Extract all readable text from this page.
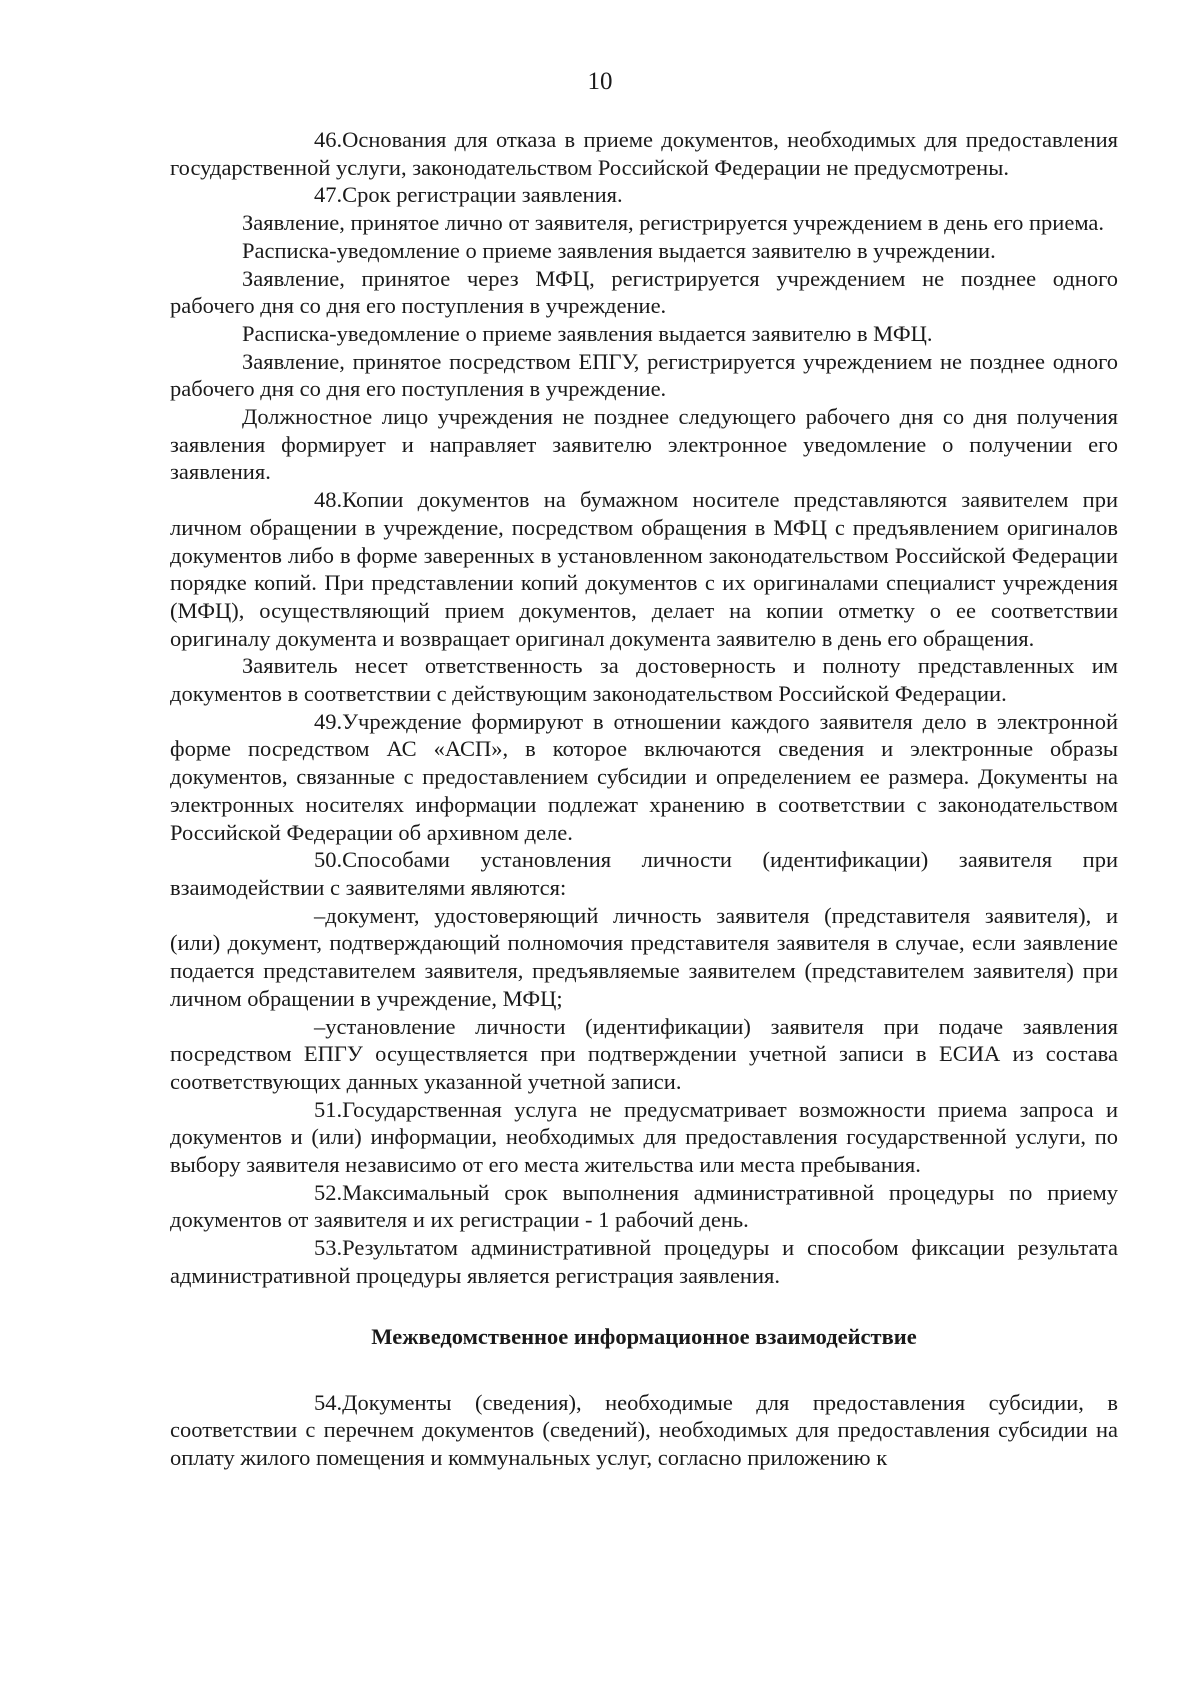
10

46.Основания для отказа в приеме документов, необходимых для предоставления государственной услуги, законодательством Российской Федерации не предусмотрены.

47.Срок регистрации заявления.

Заявление, принятое лично от заявителя, регистрируется учреждением в день его приема.

Расписка-уведомление о приеме заявления выдается заявителю в учреждении.

Заявление, принятое через МФЦ, регистрируется учреждением не позднее одного рабочего дня со дня его поступления в учреждение.

Расписка-уведомление о приеме заявления выдается заявителю в МФЦ.

Заявление, принятое посредством ЕПГУ, регистрируется учреждением не позднее одного рабочего дня со дня его поступления в учреждение.

Должностное лицо учреждения не позднее следующего рабочего дня со дня получения заявления формирует и направляет заявителю электронное уведомление о получении его заявления.

48.Копии документов на бумажном носителе представляются заявителем при личном обращении в учреждение, посредством обращения в МФЦ с предъявлением оригиналов документов либо в форме заверенных в установленном законодательством Российской Федерации порядке копий. При представлении копий документов с их оригиналами специалист учреждения (МФЦ), осуществляющий прием документов, делает на копии отметку о ее соответствии оригиналу документа и возвращает оригинал документа заявителю в день его обращения.

Заявитель несет ответственность за достоверность и полноту представленных им документов в соответствии с действующим законодательством Российской Федерации.

49.Учреждение формируют в отношении каждого заявителя дело в электронной форме посредством АС «АСП», в которое включаются сведения и электронные образы документов, связанные с предоставлением субсидии и определением ее размера. Документы на электронных носителях информации подлежат хранению в соответствии с законодательством Российской Федерации об архивном деле.

50.Способами установления личности (идентификации) заявителя при взаимодействии с заявителями являются:

–документ, удостоверяющий личность заявителя (представителя заявителя), и (или) документ, подтверждающий полномочия представителя заявителя в случае, если заявление подается представителем заявителя, предъявляемые заявителем (представителем заявителя) при личном обращении в учреждение, МФЦ;

–установление личности (идентификации) заявителя при подаче заявления посредством ЕПГУ осуществляется при подтверждении учетной записи в ЕСИА из состава соответствующих данных указанной учетной записи.

51.Государственная услуга не предусматривает возможности приема запроса и документов и (или) информации, необходимых для предоставления государственной услуги, по выбору заявителя независимо от его места жительства или места пребывания.

52.Максимальный срок выполнения административной процедуры по приему документов от заявителя и их регистрации - 1 рабочий день.

53.Результатом административной процедуры и способом фиксации результата административной процедуры является регистрация заявления.

Межведомственное информационное взаимодействие

54.Документы (сведения), необходимые для предоставления субсидии, в соответствии с перечнем документов (сведений), необходимых для предоставления субсидии на оплату жилого помещения и коммунальных услуг, согласно приложению к
